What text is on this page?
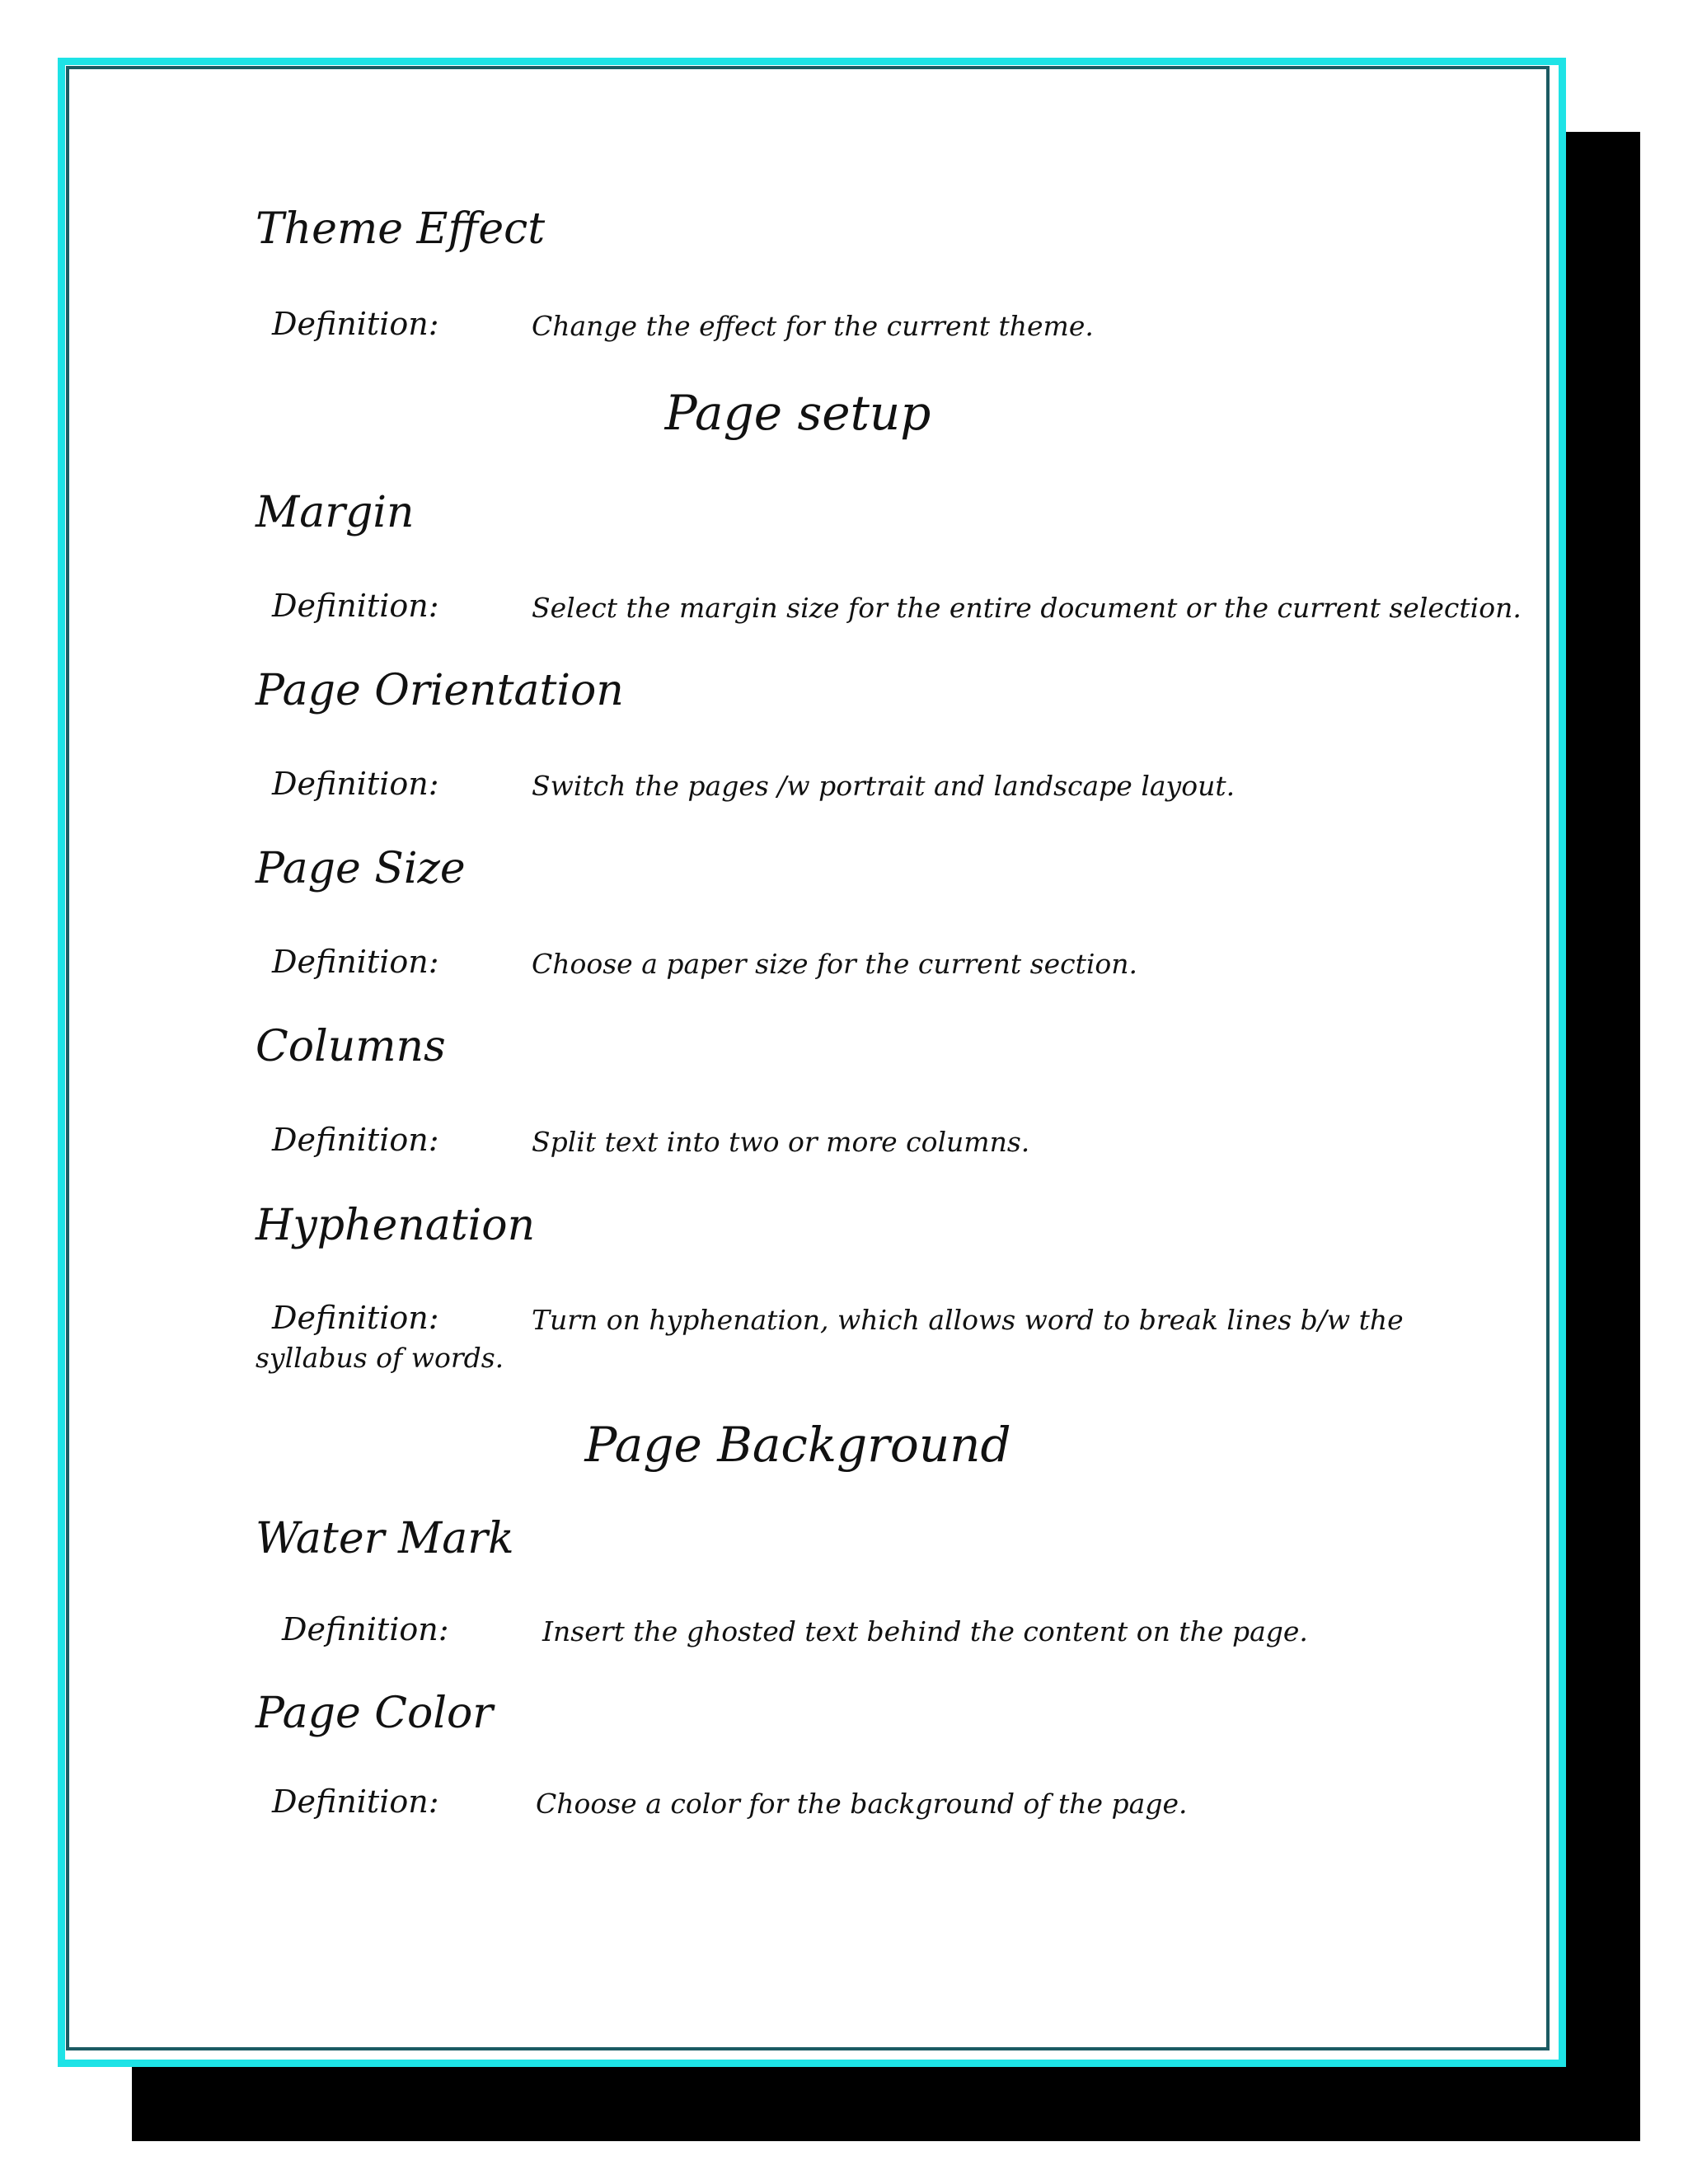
Theme Effect
Definition:	Change the effect for the current theme.
Page setup
Margin
Definition:	Select the margin size for the entire document or the current selection.
Page Orientation
Definition:	Switch the pages /w portrait and landscape layout.
Page Size
Definition:	Choose a paper size for the current section.
Columns
Definition:	Split text into two or more columns.
Hyphenation
Definition:	Turn on hyphenation, which allows word to break lines b/w the
syllabus of words.
Page Background
Water Mark
Definition:	Insert the ghosted text behind the content on the page.
Page Color
Definition:	Choose a color for the background of the page.
